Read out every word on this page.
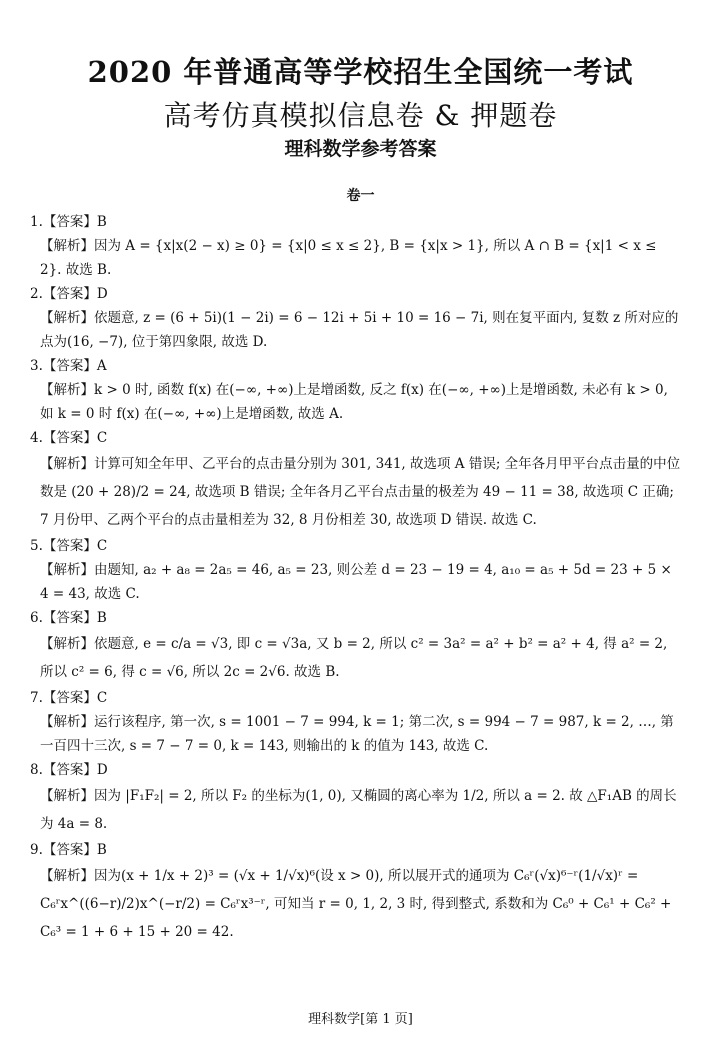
2020 年普通高等学校招生全国统一考试
高考仿真模拟信息卷 & 押题卷
理科数学参考答案
卷一
1.【答案】B
【解析】因为 A = {x|x(2 − x) ≥ 0} = {x|0 ≤ x ≤ 2}, B = {x|x > 1}, 所以 A ∩ B = {x|1 < x ≤ 2}. 故选 B.
2.【答案】D
【解析】依题意, z = (6 + 5i)(1 − 2i) = 6 − 12i + 5i + 10 = 16 − 7i, 则在复平面内, 复数 z 所对应的点为(16, −7), 位于第四象限, 故选 D.
3.【答案】A
【解析】k > 0 时, 函数 f(x) 在(−∞, +∞)上是增函数, 反之 f(x) 在(−∞, +∞)上是增函数, 未必有 k > 0, 如 k = 0 时 f(x) 在(−∞, +∞)上是增函数, 故选 A.
4.【答案】C
【解析】计算可知全年甲、乙平台的点击量分别为 301, 341, 故选项 A 错误; 全年各月甲平台点击量的中位数是 (20 + 28)/2 = 24, 故选项 B 错误; 全年各月乙平台点击量的极差为 49 − 11 = 38, 故选项 C 正确; 7 月份甲、乙两个平台的点击量相差为 32, 8 月份相差 30, 故选项 D 错误. 故选 C.
5.【答案】C
【解析】由题知, a₂ + a₈ = 2a₅ = 46, a₅ = 23, 则公差 d = 23 − 19 = 4, a₁₀ = a₅ + 5d = 23 + 5 × 4 = 43, 故选 C.
6.【答案】B
【解析】依题意, e = c/a = √3, 即 c = √3a, 又 b = 2, 所以 c² = 3a² = a² + b² = a² + 4, 得 a² = 2, 所以 c² = 6, 得 c = √6, 所以 2c = 2√6. 故选 B.
7.【答案】C
【解析】运行该程序, 第一次, s = 1001 − 7 = 994, k = 1; 第二次, s = 994 − 7 = 987, k = 2, …, 第一百四十三次, s = 7 − 7 = 0, k = 143, 则输出的 k 的值为 143, 故选 C.
8.【答案】D
【解析】因为 |F₁F₂| = 2, 所以 F₂ 的坐标为(1, 0), 又椭圆的离心率为 1/2, 所以 a = 2. 故 △F₁AB 的周长为 4a = 8.
9.【答案】B
【解析】因为(x + 1/x + 2)³ = (√x + 1/√x)⁶(设 x > 0), 所以展开式的通项为 C₆ʳ(√x)⁶⁻ʳ(1/√x)ʳ = C₆ʳx^((6−r)/2)x^(−r/2) = C₆ʳx³⁻ʳ, 可知当 r = 0, 1, 2, 3 时, 得到整式, 系数和为 C₆⁰ + C₆¹ + C₆² + C₆³ = 1 + 6 + 15 + 20 = 42.
理科数学[第 1 页]
